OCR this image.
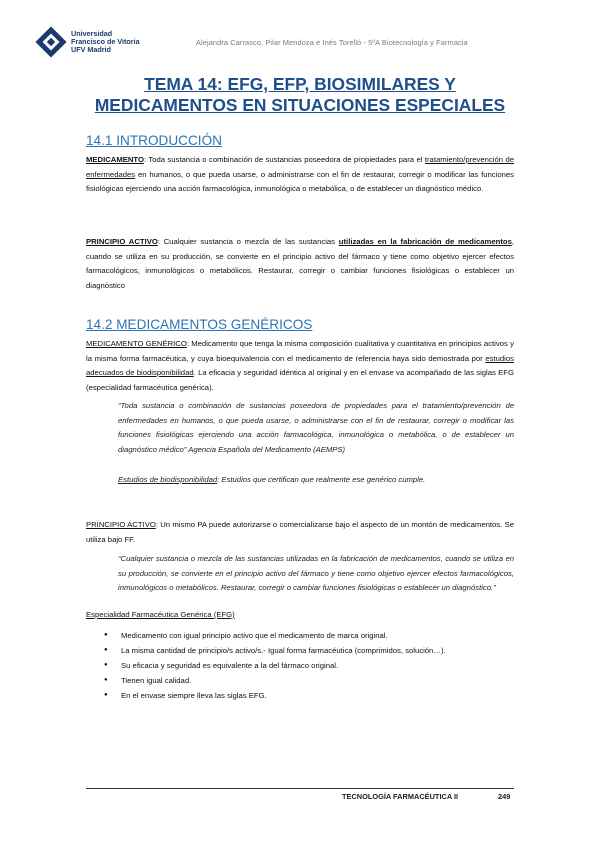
Universidad
Francisco de Vitoria
UFV Madrid
Alejandra Carrasco, Pilar Mendoza e Inés Torelló - 5ºA Biotecnología y Farmacia
TEMA 14: EFG, EFP, BIOSIMILARES Y
MEDICAMENTOS EN SITUACIONES ESPECIALES
14.1 INTRODUCCIÓN
MEDICAMENTO: Toda sustancia o combinación de sustancias poseedora de propiedades para el tratamiento/prevención de enfermedades en humanos, o que pueda usarse, o administrarse con el fin de restaurar, corregir o modificar las funciones fisiológicas ejerciendo una acción farmacológica, inmunológica o metabólica, o de establecer un diagnóstico médico.
PRINCIPIO ACTIVO: Cualquier sustancia o mezcla de las sustancias utilizadas en la fabricación de medicamentos, cuando se utiliza en su producción, se convierte en el principio activo del fármaco y tiene como objetivo ejercer efectos farmacológicos, inmunológicos o metabólicos. Restaurar, corregir o cambiar funciones fisiológicas o establecer un diagnóstico
14.2 MEDICAMENTOS GENÉRICOS
MEDICAMENTO GENÉRICO: Medicamento que tenga la misma composición cualitativa y cuantitativa en principios activos y la misma forma farmacéutica, y cuya bioequivalencia con el medicamento de referencia haya sido demostrada por estudios adecuados de biodisponibilidad. La eficacia y seguridad idéntica al original y en el envase va acompañado de las siglas EFG (especialidad farmacéutica genérica).
“Toda sustancia o combinación de sustancias poseedora de propiedades para el tratamiento/prevención de enfermedades en humanos, o que pueda usarse, o administrarse con el fin de restaurar, corregir o modificar las funciones fisiológicas ejerciendo una acción farmacológica, inmunológica o metabólica, o de establecer un diagnóstico médico” Agencia Española del Medicamento (AEMPS)
Estudios de biodisponibilidad: Estudios que certifican que realmente ese genérico cumple.
PRINCIPIO ACTIVO: Un mismo PA puede autorizarse o comercializarse bajo el aspecto de un montón de medicamentos. Se utiliza bajo FF.
“Cualquier sustancia o mezcla de las sustancias utilizadas en la fabricación de medicamentos, cuando se utiliza en su producción, se convierte en el principio activo del fármaco y tiene como objetivo ejercer efectos farmacológicos, inmunológicos o metabólicos. Restaurar, corregir o cambiar funciones fisiológicas o establecer un diagnóstico.”
Especialidad Farmacéutica Genérica (EFG)
● Medicamento con igual principio activo que el medicamento de marca original.
● La misma cantidad de principio/s activo/s.- Igual forma farmacéutica (comprimidos, solución…).
● Su eficacia y seguridad es equivalente a la del fármaco original.
● Tienen igual calidad.
● En el envase siempre lleva las siglas EFG.
TECNOLOGÍA FARMACÉUTICA II	249
